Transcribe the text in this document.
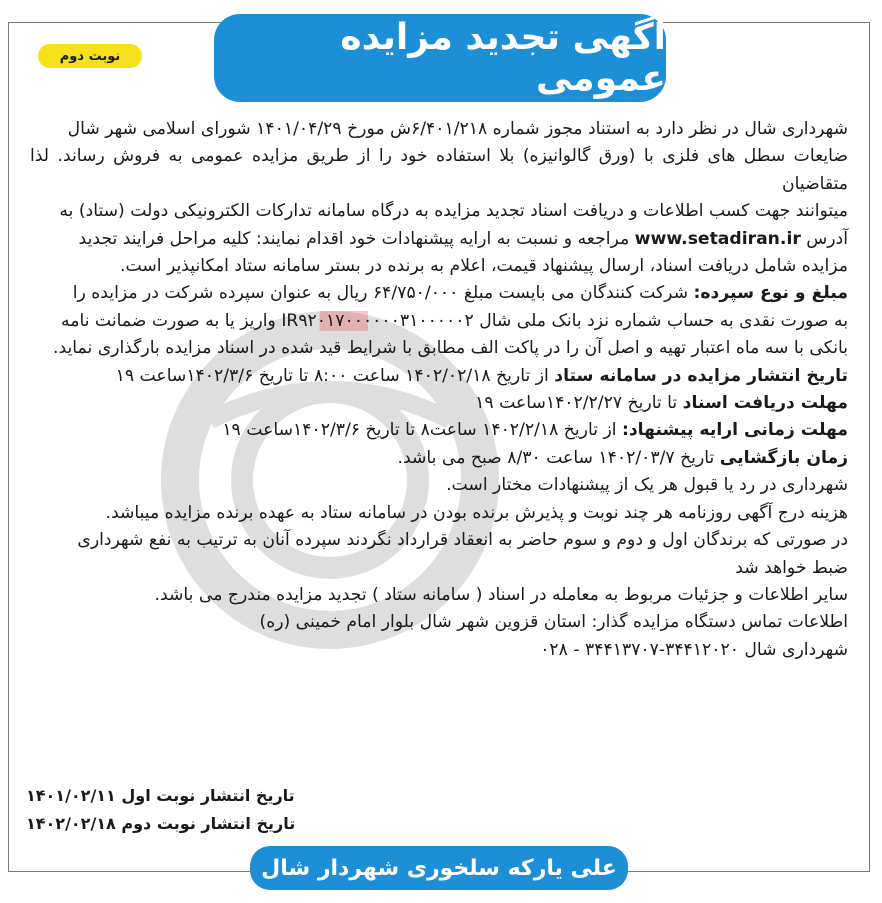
نوبت دوم	آگهی تجدید مزایده عمومی

شهرداری شال در نظر دارد به استناد مجوز شماره ۶/۴۰۱/۲۱۸ش مورخ ۱۴۰۱/۰۴/۲۹ شورای اسلامی شهر شال

ضایعات سطل های فلزی با (ورق گالوانیزه) بلا استفاده خود را از طریق مزایده عمومی به فروش رساند. لذا متقاضیان

میتوانند جهت کسب اطلاعات و دریافت اسناد تجدید مزایده به درگاه سامانه تدارکات الکترونیکی دولت (ستاد) به

آدرس www.setadiran.ir مراجعه و نسبت به ارایه پیشنهادات خود اقدام نمایند: کلیه مراحل فرایند تجدید

مزایده شامل دریافت اسناد، ارسال پیشنهاد قیمت، اعلام به برنده در بستر سامانه ستاد امکانپذیر است.

مبلغ و نوع سپرده: شرکت کنندگان می بایست مبلغ ۶۴/۷۵۰/۰۰۰ ریال به عنوان سپرده شرکت در مزایده را

به صورت نقدی به حساب شماره نزد بانک ملی شال IR۹۲۰۱۷۰۰۰۰۰۰۳۱۰۰۰۰۰۲ واریز یا به صورت ضمانت نامه

بانکی با سه ماه اعتبار تهیه و اصل آن را در پاکت الف مطابق با شرایط قید شده در اسناد مزایده بارگذاری نماید.

تاریخ انتشار مزایده در سامانه ستاد از تاریخ ۱۴۰۲/۰۲/۱۸ ساعت ۸:۰۰ تا تاریخ ۱۴۰۲/۳/۶ساعت ۱۹

مهلت دریافت اسناد تا تاریخ ۱۴۰۲/۲/۲۷ساعت ۱۹

مهلت زمانی ارایه پیشنهاد: از تاریخ ۱۴۰۲/۲/۱۸ ساعت۸ تا تاریخ ۱۴۰۲/۳/۶ساعت ۱۹

زمان بازگشایی تاریخ ۱۴۰۲/۰۳/۷ ساعت ۸/۳۰ صبح می باشد.

شهرداری در رد یا قبول هر یک از پیشنهادات مختار است.

هزینه درج آگهی روزنامه هر چند نوبت و پذیرش برنده بودن در سامانه ستاد به عهده برنده مزایده میباشد.

در صورتی که برندگان اول و دوم و سوم حاضر به انعقاد قرارداد نگردند سپرده آنان به ترتیب به نفع شهرداری

ضبط خواهد شد

سایر اطلاعات و جزئیات مربوط به معامله در اسناد ( سامانه ستاد ) تجدید مزایده مندرج می باشد.

اطلاعات تماس دستگاه مزایده گذار: استان قزوین شهر شال بلوار امام خمینی (ره)

شهرداری شال ۳۴۴۱۲۰۲۰-۳۴۴۱۳۷۰۷ - ۰۲۸

تاریخ انتشار نوبت اول ۱۴۰۱/۰۲/۱۱
تاریخ انتشار نوبت دوم ۱۴۰۲/۰۲/۱۸
علی یارکه سلخوری شهردار شال
